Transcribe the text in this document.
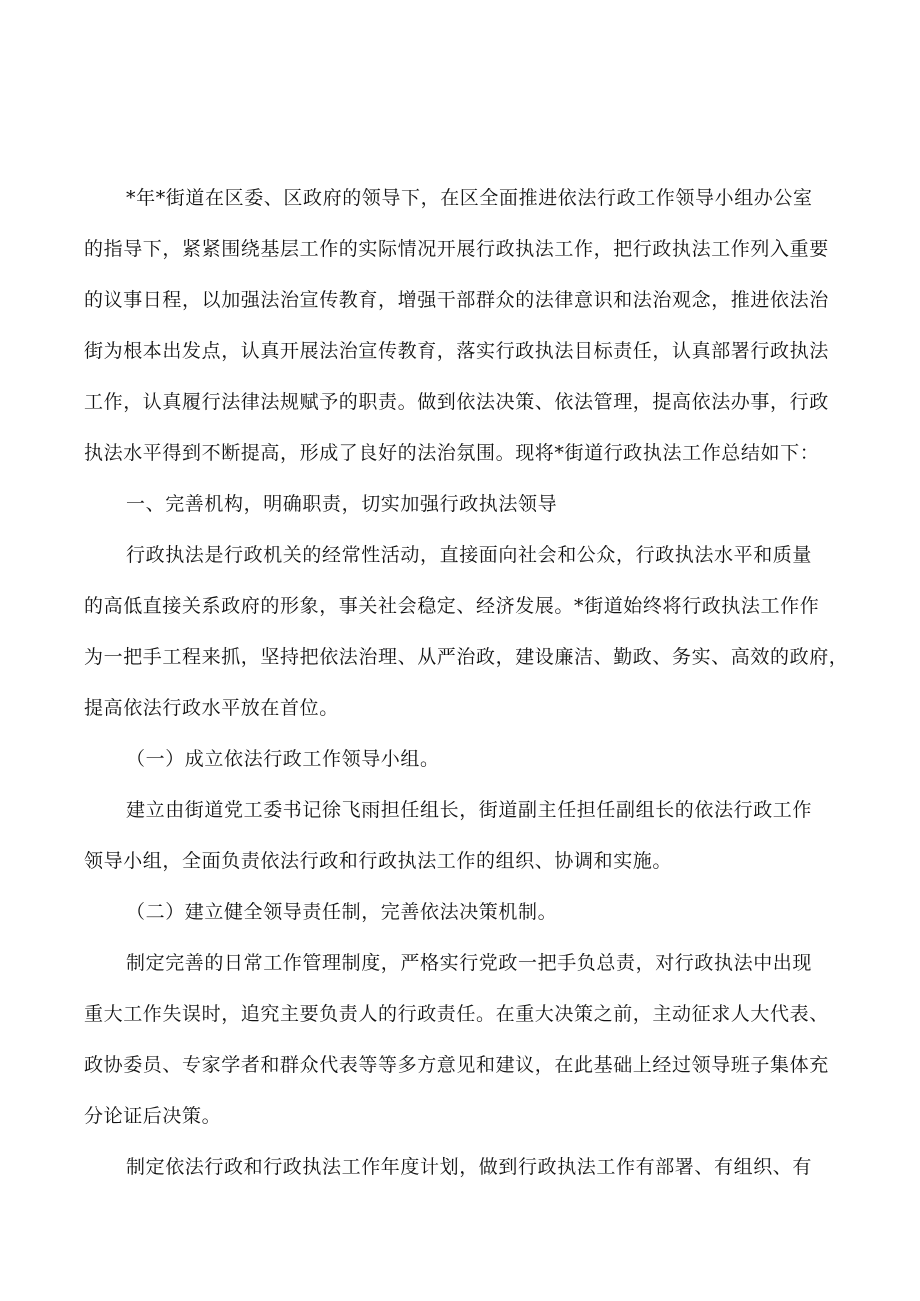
*年*街道在区委、区政府的领导下，在区全面推进依法行政工作领导小组办公室
的指导下，紧紧围绕基层工作的实际情况开展行政执法工作，把行政执法工作列入重要
的议事日程，以加强法治宣传教育，增强干部群众的法律意识和法治观念，推进依法治
街为根本出发点，认真开展法治宣传教育，落实行政执法目标责任，认真部署行政执法
工作，认真履行法律法规赋予的职责。做到依法决策、依法管理，提高依法办事，行政
执法水平得到不断提高，形成了良好的法治氛围。现将*街道行政执法工作总结如下：
一、完善机构，明确职责，切实加强行政执法领导
行政执法是行政机关的经常性活动，直接面向社会和公众，行政执法水平和质量
的高低直接关系政府的形象，事关社会稳定、经济发展。*街道始终将行政执法工作作
为一把手工程来抓，坚持把依法治理、从严治政，建设廉洁、勤政、务实、高效的政府，
提高依法行政水平放在首位。
（一）成立依法行政工作领导小组。
建立由街道党工委书记徐飞雨担任组长，街道副主任担任副组长的依法行政工作
领导小组，全面负责依法行政和行政执法工作的组织、协调和实施。
（二）建立健全领导责任制，完善依法决策机制。
制定完善的日常工作管理制度，严格实行党政一把手负总责，对行政执法中出现
重大工作失误时，追究主要负责人的行政责任。在重大决策之前，主动征求人大代表、
政协委员、专家学者和群众代表等等多方意见和建议，在此基础上经过领导班子集体充
分论证后决策。
制定依法行政和行政执法工作年度计划，做到行政执法工作有部署、有组织、有
